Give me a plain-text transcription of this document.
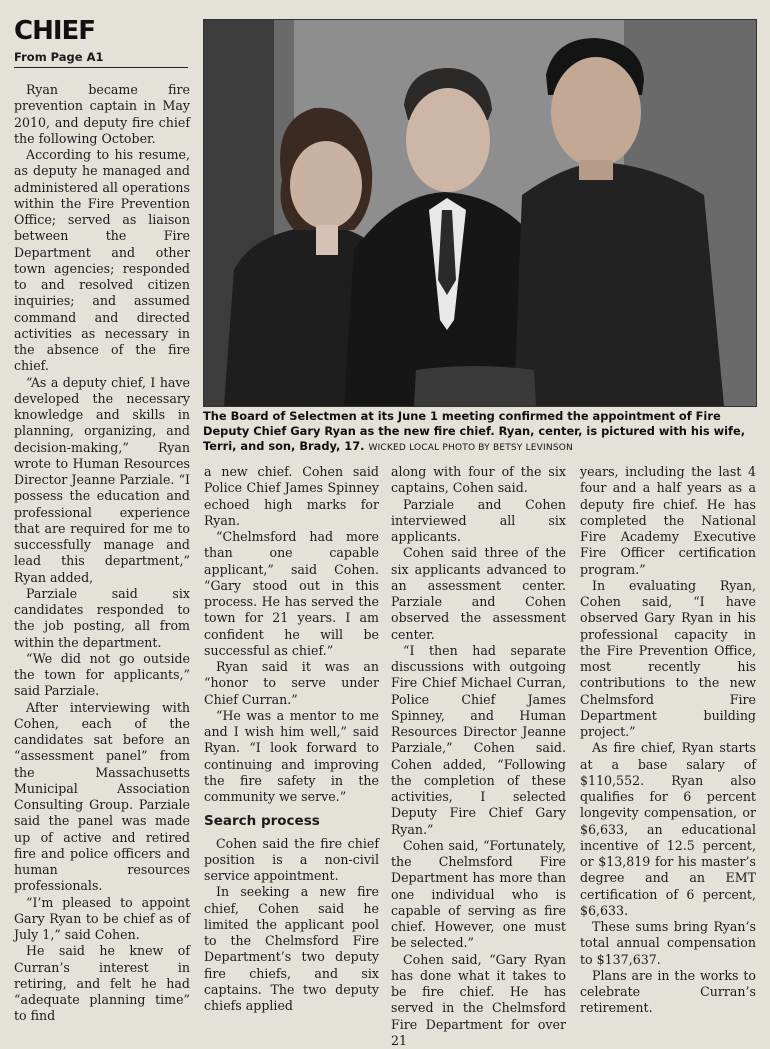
CHIEF
From Page A1
The Board of Selectmen at its June 1 meeting confirmed the appointment of Fire Deputy Chief Gary Ryan as the new fire chief. Ryan, center, is pictured with his wife, Terri, and son, Brady, 17. WICKED LOCAL PHOTO BY BETSY LEVINSON

Ryan became fire prevention captain in May 2010, and deputy fire chief the following October.

According to his resume, as deputy he managed and administered all operations within the Fire Prevention Office; served as liaison between the Fire Department and other town agencies; responded to and resolved citizen inquiries; and assumed command and directed activities as necessary in the absence of the fire chief.

“As a deputy chief, I have developed the necessary knowledge and skills in planning, organizing, and decision-making,” Ryan wrote to Human Resources Director Jeanne Parziale. “I possess the education and professional experience that are required for me to successfully manage and lead this department,” Ryan added,

Parziale said six candidates responded to the job posting, all from within the department.

“We did not go outside the town for applicants,” said Parziale.

After interviewing with Cohen, each of the candidates sat before an “assessment panel” from the Massachusetts Municipal Association Consulting Group. Parziale said the panel was made up of active and retired fire and police officers and human resources professionals.

“I’m pleased to appoint Gary Ryan to be chief as of July 1,” said Cohen.

He said he knew of Curran’s interest in retiring, and felt he had “adequate planning time” to find

a new chief. Cohen said Police Chief James Spinney echoed high marks for Ryan.

“Chelmsford had more than one capable applicant,” said Cohen. “Gary stood out in this process. He has served the town for 21 years. I am confident he will be successful as chief.”

Ryan said it was an “honor to serve under Chief Curran.”

“He was a mentor to me and I wish him well,” said Ryan. “I look forward to continuing and improving the fire safety in the community we serve.”

Search process

Cohen said the fire chief position is a non-civil service appointment.

In seeking a new fire chief, Cohen said he limited the applicant pool to the Chelmsford Fire Department’s two deputy fire chiefs, and six captains. The two deputy chiefs applied

along with four of the six captains, Cohen said.

Parziale and Cohen interviewed all six applicants.

Cohen said three of the six applicants advanced to an assessment center. Parziale and Cohen observed the assessment center.

“I then had separate discussions with outgoing Fire Chief Michael Curran, Police Chief James Spinney, and Human Resources Director Jeanne Parziale,” Cohen said. Cohen added, “Following the completion of these activities, I selected Deputy Fire Chief Gary Ryan.”

Cohen said, “Fortunately, the Chelmsford Fire Department has more than one individual who is capable of serving as fire chief. However, one must be selected.”

Cohen said, “Gary Ryan has done what it takes to be fire chief. He has served in the Chelmsford Fire Department for over 21

years, including the last 4 four and a half years as a deputy fire chief. He has completed the National Fire Academy Executive Fire Officer certification program.”

In evaluating Ryan, Cohen said, “I have observed Gary Ryan in his professional capacity in the Fire Prevention Office, most recently his contributions to the new Chelmsford Fire Department building project.”

As fire chief, Ryan starts at a base salary of $110,552. Ryan also qualifies for 6 percent longevity compensation, or $6,633, an educational incentive of 12.5 percent, or $13,819 for his master’s degree and an EMT certification of 6 percent, $6,633.

These sums bring Ryan’s total annual compensation to $137,637.

Plans are in the works to celebrate Curran’s retirement.
